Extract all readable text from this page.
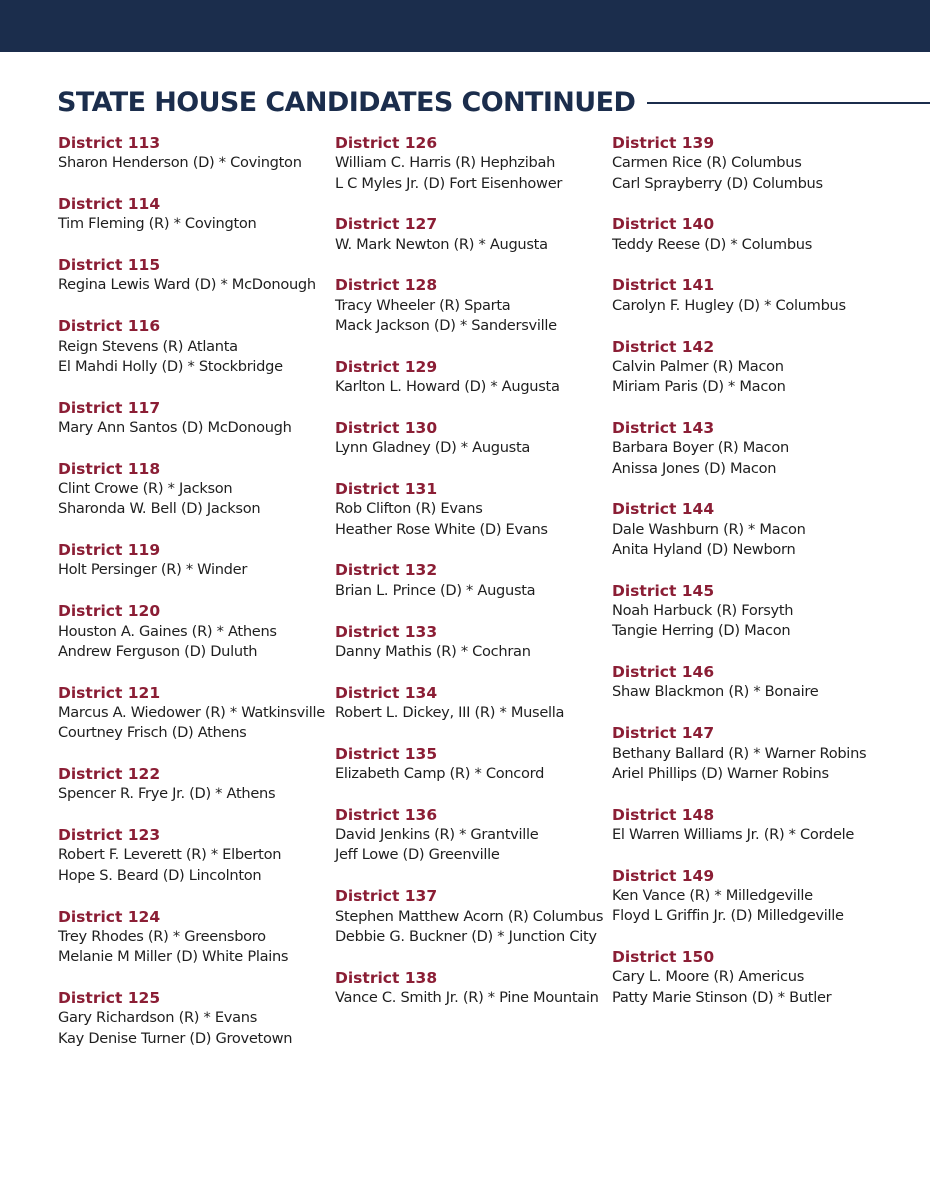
STATE HOUSE CANDIDATES CONTINUED
District 113
Sharon Henderson (D) * Covington
District 114
Tim Fleming (R) * Covington
District 115
Regina Lewis Ward (D) * McDonough
District 116
Reign Stevens (R) Atlanta
El Mahdi Holly (D) * Stockbridge
District 117
Mary Ann Santos (D) McDonough
District 118
Clint Crowe (R) * Jackson
Sharonda W. Bell (D) Jackson
District 119
Holt Persinger (R) * Winder
District 120
Houston A. Gaines (R) * Athens
Andrew Ferguson (D) Duluth
District 121
Marcus A. Wiedower (R) * Watkinsville
Courtney Frisch (D) Athens
District 122
Spencer R. Frye Jr. (D) * Athens
District 123
Robert F. Leverett (R) * Elberton
Hope S. Beard (D) Lincolnton
District 124
Trey Rhodes (R) * Greensboro
Melanie M Miller (D) White Plains
District 125
Gary Richardson (R) * Evans
Kay Denise Turner (D) Grovetown
District 126
William C. Harris (R) Hephzibah
L C Myles Jr. (D) Fort Eisenhower
District 127
W. Mark Newton (R) * Augusta
District 128
Tracy Wheeler (R) Sparta
Mack Jackson (D) * Sandersville
District 129
Karlton L. Howard (D) * Augusta
District 130
Lynn Gladney (D) * Augusta
District 131
Rob Clifton (R) Evans
Heather Rose White (D) Evans
District 132
Brian L. Prince (D) * Augusta
District 133
Danny Mathis (R) * Cochran
District 134
Robert L. Dickey, III (R) * Musella
District 135
Elizabeth Camp (R) * Concord
District 136
David Jenkins (R) * Grantville
Jeff Lowe (D) Greenville
District 137
Stephen Matthew Acorn (R) Columbus
Debbie G. Buckner (D) * Junction City
District 138
Vance C. Smith Jr. (R) * Pine Mountain
District 139
Carmen Rice (R) Columbus
Carl Sprayberry (D) Columbus
District 140
Teddy Reese (D) * Columbus
District 141
Carolyn F. Hugley (D) * Columbus
District 142
Calvin Palmer (R) Macon
Miriam Paris (D) * Macon
District 143
Barbara Boyer (R) Macon
Anissa Jones (D) Macon
District 144
Dale Washburn (R) * Macon
Anita Hyland (D) Newborn
District 145
Noah Harbuck (R) Forsyth
Tangie Herring (D) Macon
District 146
Shaw Blackmon (R) * Bonaire
District 147
Bethany Ballard (R) * Warner Robins
Ariel Phillips (D) Warner Robins
District 148
El Warren Williams Jr. (R) * Cordele
District 149
Ken Vance (R) * Milledgeville
Floyd L Griffin Jr. (D) Milledgeville
District 150
Cary L. Moore (R) Americus
Patty Marie Stinson (D) * Butler
